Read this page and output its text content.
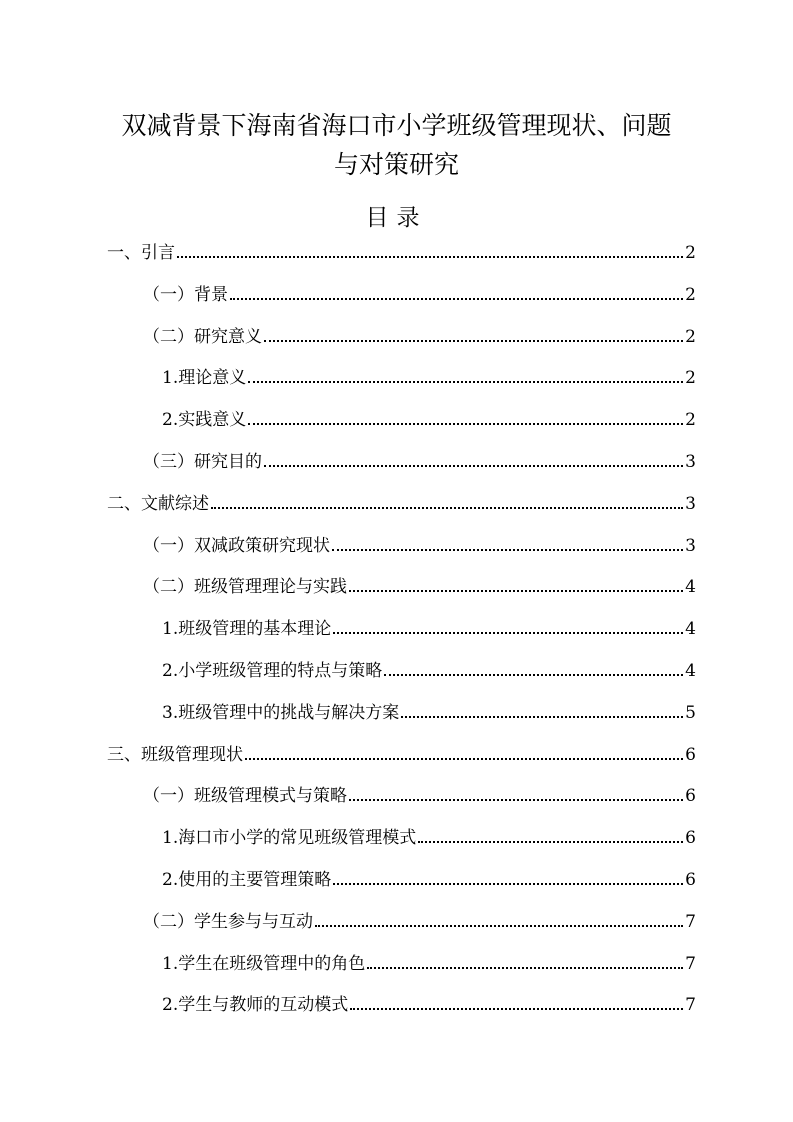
双减背景下海南省海口市小学班级管理现状、问题
与对策研究
目录
一、引言	2
（一）背景	2
（二）研究意义	2
1.理论意义	2
2.实践意义	2
（三）研究目的	3
二、文献综述	3
（一）双减政策研究现状	3
（二）班级管理理论与实践	4
1.班级管理的基本理论	4
2.小学班级管理的特点与策略	4
3.班级管理中的挑战与解决方案	5
三、班级管理现状	6
（一）班级管理模式与策略	6
1.海口市小学的常见班级管理模式	6
2.使用的主要管理策略	6
（二）学生参与与互动	7
1.学生在班级管理中的角色	7
2.学生与教师的互动模式	7
